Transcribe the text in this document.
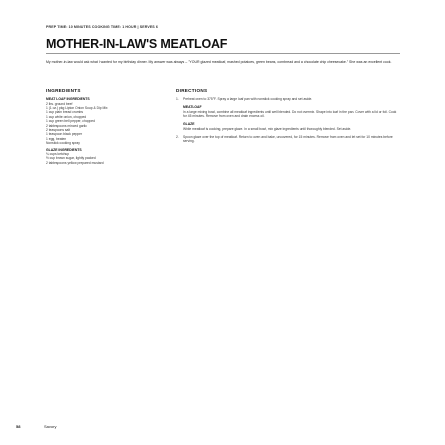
PREP TIME: 10 MINUTES COOKING TIME: 1 HOUR | SERVES 6
MOTHER-IN-LAW'S MEATLOAF

My mother-in-law would ask what I wanted for my birthday dinner. My answer was always – "YOUR glazed meatloaf, mashed potatoes, green beans, cornbread and a chocolate chip cheesecake." She was an excellent cook.

INGREDIENTS
MEAT LOAF INGREDIENTS
2 lbs. ground beef
1 (1 oz.) pkg Lipton Onion Soup & Dip Mix
1 cup plain bread crumbs
1 cup white onion, chopped
1 cup green bell pepper, chopped
2 tablespoons minced garlic
2 teaspoons salt
1 teaspoon black pepper
1 egg, beaten
Nonstick cooking spray
GLAZE INGREDIENTS
¾ cups ketchup
½ cup brown sugar, lightly packed
2 tablespoons yellow prepared mustard
DIRECTIONS
1. Preheat oven to 375°F. Spray a large loaf pan with nonstick cooking spray and set aside.
MEATLOAF
In a large mixing bowl, combine all meatloaf ingredients until well blended. Do not overmix. Shape into loaf in the pan. Cover with a lid or foil. Cook for 45 minutes. Remove from oven and drain excess oil.
GLAZE
While meatloaf is cooking, prepare glaze. In a small bowl, mix glaze ingredients until thoroughly blended. Set aside.
2. Spoon glaze over the top of meatloaf. Return to oven and bake, uncovered, for 15 minutes. Remove from oven and let set for 10 minutes before serving.
58	Savory
